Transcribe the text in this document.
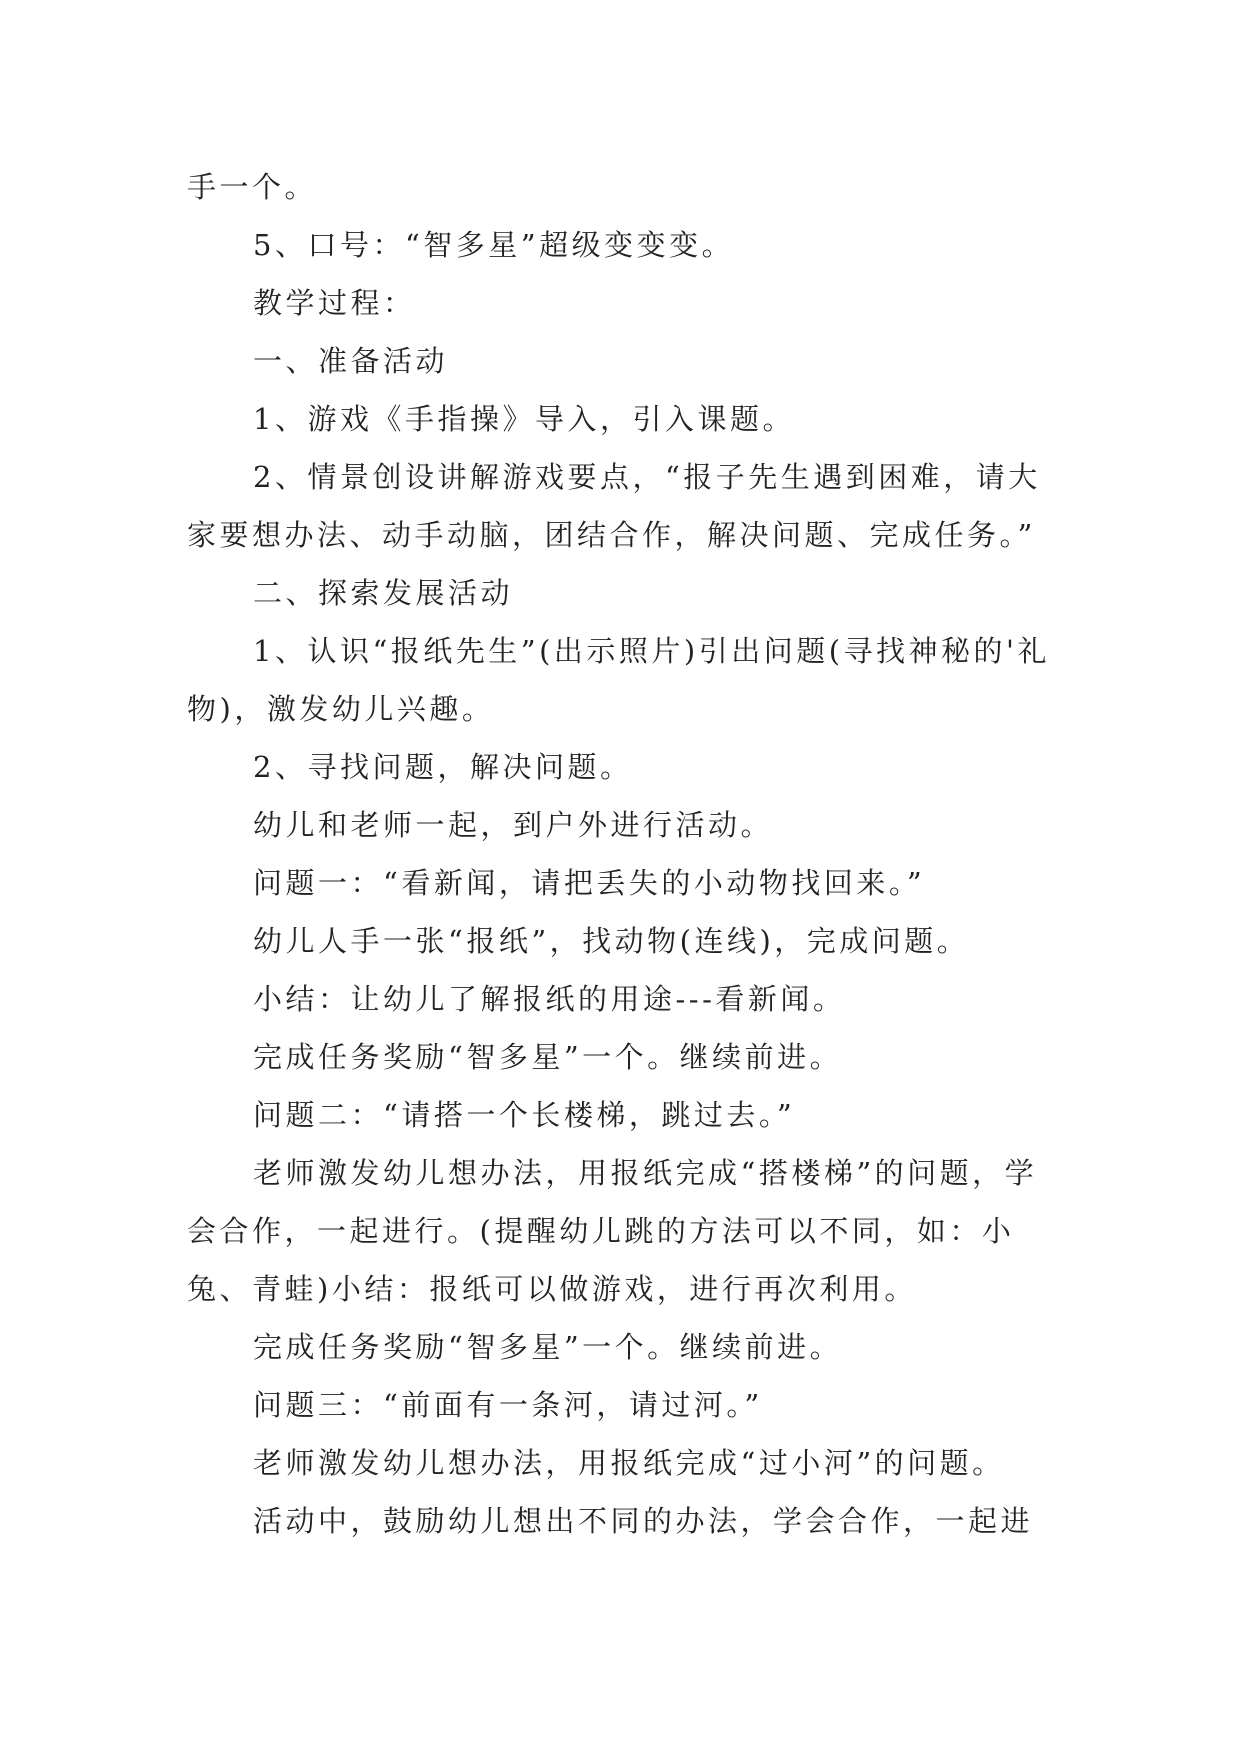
手一个。

5、口号：“智多星”超级变变变。

教学过程：

一、准备活动

1、游戏《手指操》导入，引入课题。

2、情景创设讲解游戏要点，“报子先生遇到困难，请大家要想办法、动手动脑，团结合作，解决问题、完成任务。”

二、探索发展活动

1、认识“报纸先生”(出示照片)引出问题(寻找神秘的'礼物)，激发幼儿兴趣。

2、寻找问题，解决问题。

幼儿和老师一起，到户外进行活动。

问题一：“看新闻，请把丢失的小动物找回来。”

幼儿人手一张“报纸”，找动物(连线)，完成问题。

小结：让幼儿了解报纸的用途---看新闻。

完成任务奖励“智多星”一个。继续前进。

问题二：“请搭一个长楼梯，跳过去。”

老师激发幼儿想办法，用报纸完成“搭楼梯”的问题，学会合作，一起进行。(提醒幼儿跳的方法可以不同，如：小兔、青蛙)小结：报纸可以做游戏，进行再次利用。

完成任务奖励“智多星”一个。继续前进。

问题三：“前面有一条河，请过河。”

老师激发幼儿想办法，用报纸完成“过小河”的问题。

活动中，鼓励幼儿想出不同的办法，学会合作，一起进
